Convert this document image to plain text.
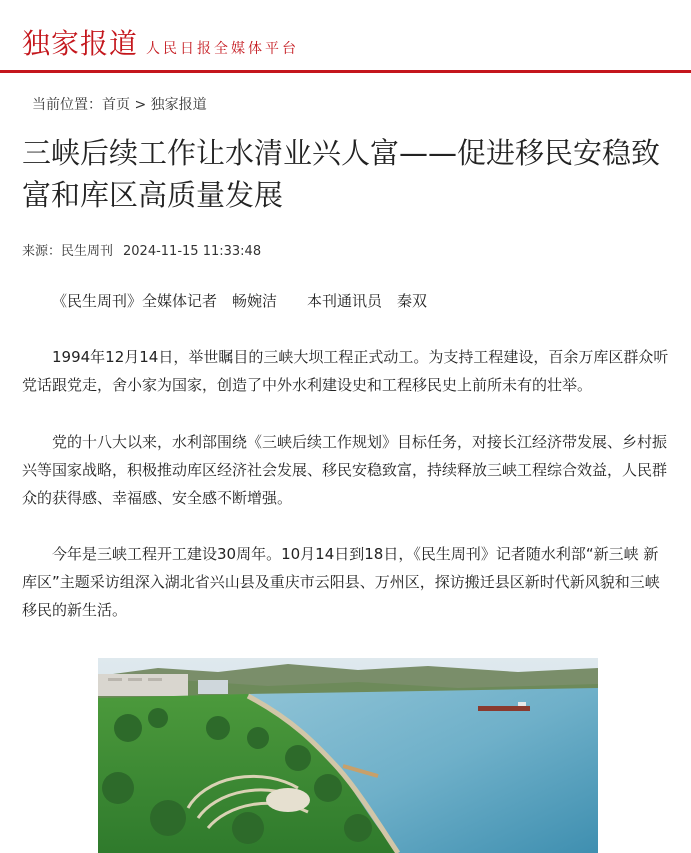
独家报道 人民日报全媒体平台
当前位置：首页 > 独家报道
三峡后续工作让水清业兴人富——促进移民安稳致富和库区高质量发展
来源：民生周刊 2024-11-15 11:33:48

《民生周刊》全媒体记者　畅婉洁　　本刊通讯员　秦双

1994年12月14日，举世瞩目的三峡大坝工程正式动工。为支持工程建设，百余万库区群众听党话跟党走，舍小家为国家，创造了中外水利建设史和工程移民史上前所未有的壮举。

党的十八大以来，水利部围绕《三峡后续工作规划》目标任务，对接长江经济带发展、乡村振兴等国家战略，积极推动库区经济社会发展、移民安稳致富，持续释放三峡工程综合效益，人民群众的获得感、幸福感、安全感不断增强。

今年是三峡工程开工建设30周年。10月14日到18日，《民生周刊》记者随水利部“新三峡 新库区”主题采访组深入湖北省兴山县及重庆市云阳县、万州区，探访搬迁县区新时代新风貌和三峡移民的新生活。
